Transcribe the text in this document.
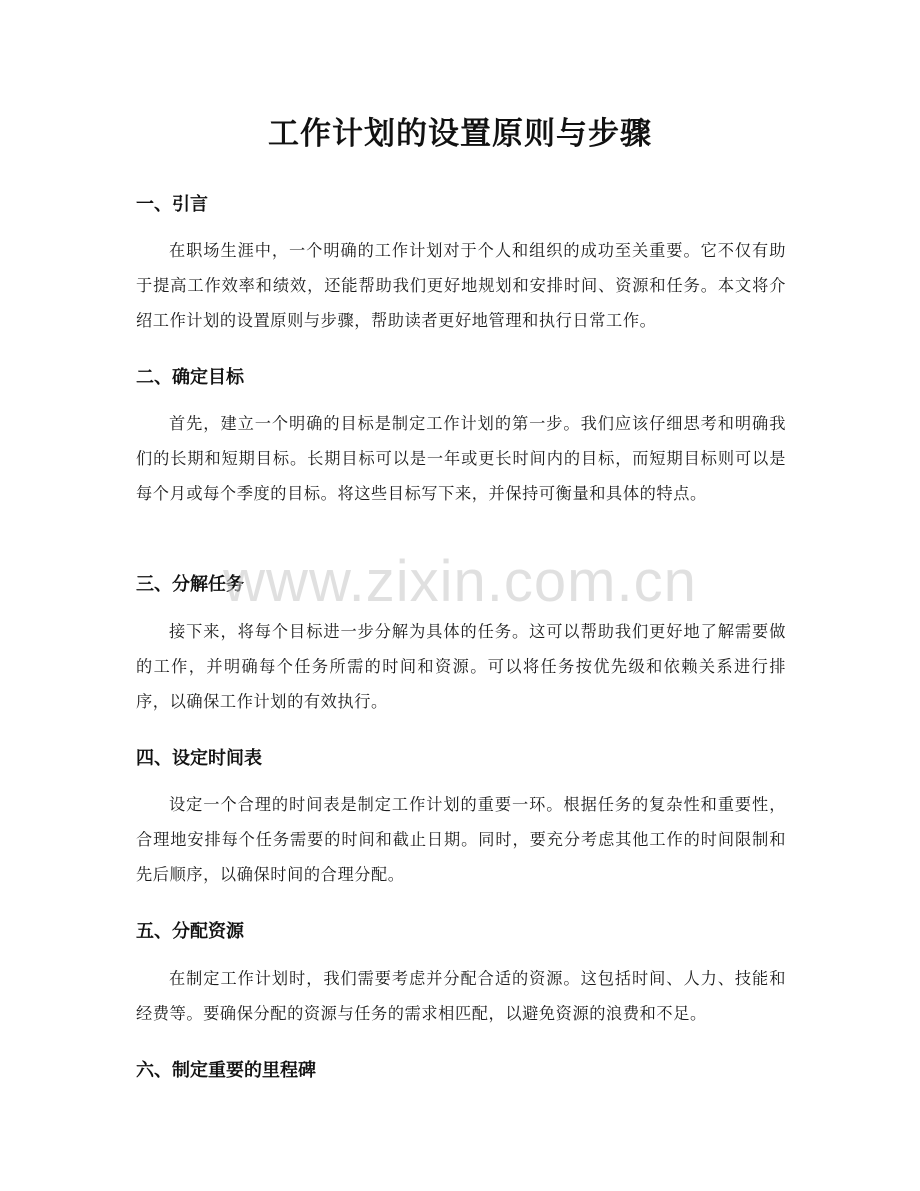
工作计划的设置原则与步骤
一、引言
在职场生涯中，一个明确的工作计划对于个人和组织的成功至关重要。它不仅有助于提高工作效率和绩效，还能帮助我们更好地规划和安排时间、资源和任务。本文将介绍工作计划的设置原则与步骤，帮助读者更好地管理和执行日常工作。
二、确定目标
首先，建立一个明确的目标是制定工作计划的第一步。我们应该仔细思考和明确我们的长期和短期目标。长期目标可以是一年或更长时间内的目标，而短期目标则可以是每个月或每个季度的目标。将这些目标写下来，并保持可衡量和具体的特点。
三、分解任务
接下来，将每个目标进一步分解为具体的任务。这可以帮助我们更好地了解需要做的工作，并明确每个任务所需的时间和资源。可以将任务按优先级和依赖关系进行排序，以确保工作计划的有效执行。
四、设定时间表
设定一个合理的时间表是制定工作计划的重要一环。根据任务的复杂性和重要性，合理地安排每个任务需要的时间和截止日期。同时，要充分考虑其他工作的时间限制和先后顺序，以确保时间的合理分配。
五、分配资源
在制定工作计划时，我们需要考虑并分配合适的资源。这包括时间、人力、技能和经费等。要确保分配的资源与任务的需求相匹配，以避免资源的浪费和不足。
六、制定重要的里程碑
www.zixin.com.cn
